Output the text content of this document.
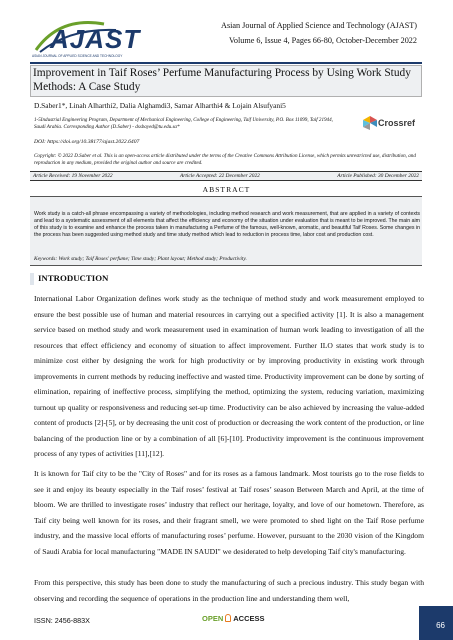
AJAST
ASIAN JOURNAL OF APPLIED SCIENCE AND TECHNOLOGY
Asian Journal of Applied Science and Technology (AJAST)
Volume 6, Issue 4, Pages 66-80, October-December 2022
Improvement in Taif Roses’ Perfume Manufacturing Process by Using Work Study Methods: A Case Study
D.Saber1*, Linah Alharthi2, Dalia Alghamdi3, Samar Alharthi4 & Lojain Alsufyani5
1-5Industrial Engineering Program, Department of Mechanical Engineering, College of Engineering, Taif University, P.O. Box 11099, Taif 21944, Saudi Arabia. Corresponding Author (D.Saber) - dssbayed@tu.edu.sa*	Crossref
DOI: https://doi.org/10.38177/ajast.2022.6407
Copyright: © 2022 D.Saber et al. This is an open-access article distributed under the terms of the Creative Commons Attribution License, which permits unrestricted use, distribution, and reproduction in any medium, provided the original author and source are credited.
Article Received: 19 November 2022	Article Accepted: 22 December 2022	Article Published: 30 December 2022
ABSTRACT
Work study is a catch-all phrase encompassing a variety of methodologies, including method research and work measurement, that are applied in a variety of contexts and lead to a systematic assessment of all elements that affect the efficiency and economy of the situation under evaluation that is meant to be improved. The main aim of this study is to examine and enhance the process taken in manufacturing a Perfume of the famous, well-known, aromatic, and beautiful Taif Roses. Some changes in the process has been suggested using method study and time study method which lead to reduction in process time, labor cost and production cost.
Keywords: Work study; Taif Roses' perfume; Time study; Plant layout; Method study; Productivity.
INTRODUCTION
International Labor Organization defines work study as the technique of method study and work measurement employed to ensure the best possible use of human and material resources in carrying out a specified activity [1]. It is also a management service based on method study and work measurement used in examination of human work leading to investigation of all the resources that effect efficiency and economy of situation to affect improvement. Further ILO states that work study is to minimize cost either by designing the work for high productivity or by improving productivity in existing work through improvements in current methods by reducing ineffective and wasted time. Productivity improvement can be done by sorting of elimination, repairing of ineffective process, simplifying the method, optimizing the system, reducing variation, maximizing turnout up quality or responsiveness and reducing set-up time. Productivity can be also achieved by increasing the value-added content of products [2]-[5], or by decreasing the unit cost of production or decreasing the work content of the production, or line balancing of the production line or by a combination of all [6]-[10]. Productivity improvement is the continuous improvement process of any types of activities [11],[12].
It is known for Taif city to be the "City of Roses" and for its roses as a famous landmark. Most tourists go to the rose fields to see it and enjoy its beauty especially in the Taif roses’ festival at Taif roses’ season Between March and April, at the time of bloom. We are thrilled to investigate roses’ industry that reflect our heritage, loyalty, and love of our hometown. Therefore, as Taif city being well known for its roses, and their fragrant smell, we were promoted to shed light on the Taif Rose perfume industry, and the massive local efforts of manufacturing roses’ perfume. However, pursuant to the 2030 vision of the Kingdom of Saudi Arabia for local manufacturing "MADE IN SAUDI" we desiderated to help developing Taif city's manufacturing.
From this perspective, this study has been done to study the manufacturing of such a precious industry. This study began with observing and recording the sequence of operations in the production line and understanding them well,
ISSN: 2456-883X	OPEN ACCESS
66
